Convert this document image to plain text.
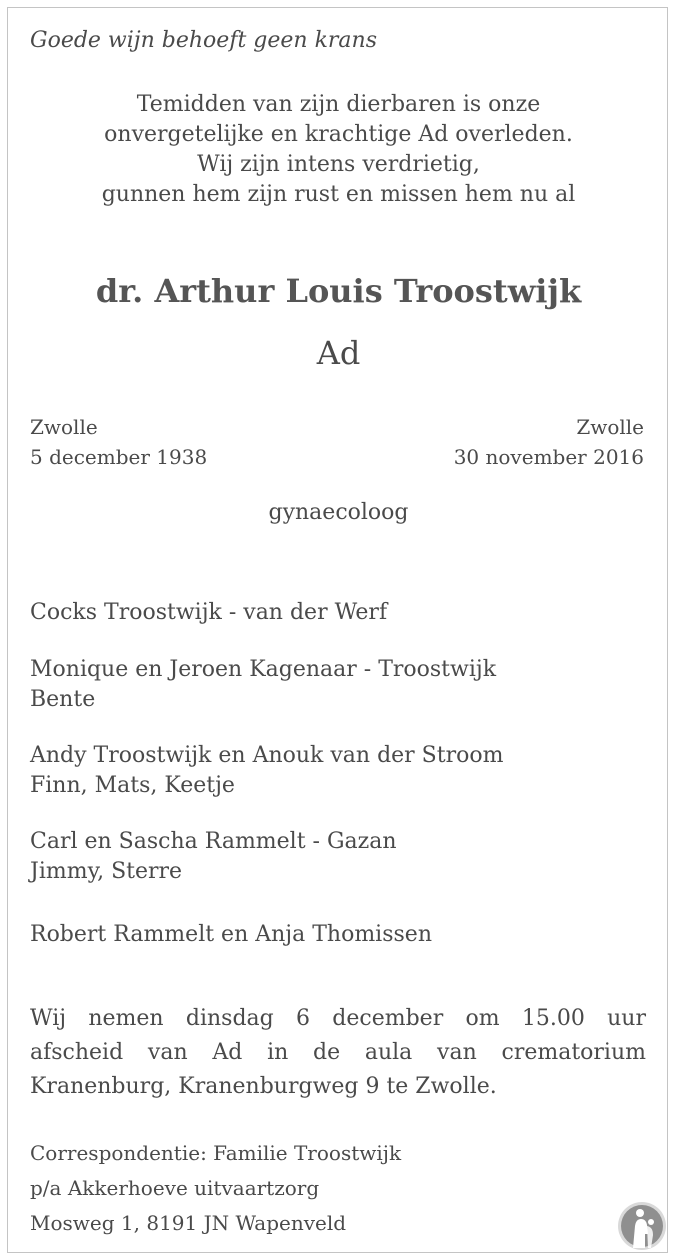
Goede wijn behoeft geen krans
Temidden van zijn dierbaren is onze
onvergetelijke en krachtige Ad overleden.
Wij zijn intens verdrietig,
gunnen hem zijn rust en missen hem nu al
dr. Arthur Louis Troostwijk
Ad
Zwolle
5 december 1938
Zwolle
30 november 2016
gynaecoloog
Cocks Troostwijk - van der Werf
Monique en Jeroen Kagenaar - Troostwijk
Bente
Andy Troostwijk en Anouk van der Stroom
Finn, Mats, Keetje
Carl en Sascha Rammelt - Gazan
Jimmy, Sterre
Robert Rammelt en Anja Thomissen

Wij nemen dinsdag 6 december om 15.00 uur

afscheid van Ad in de aula van crematorium

Kranenburg, Kranenburgweg 9 te Zwolle.

Correspondentie: Familie Troostwijk
p/a Akkerhoeve uitvaartzorg
Mosweg 1, 8191 JN Wapenveld
